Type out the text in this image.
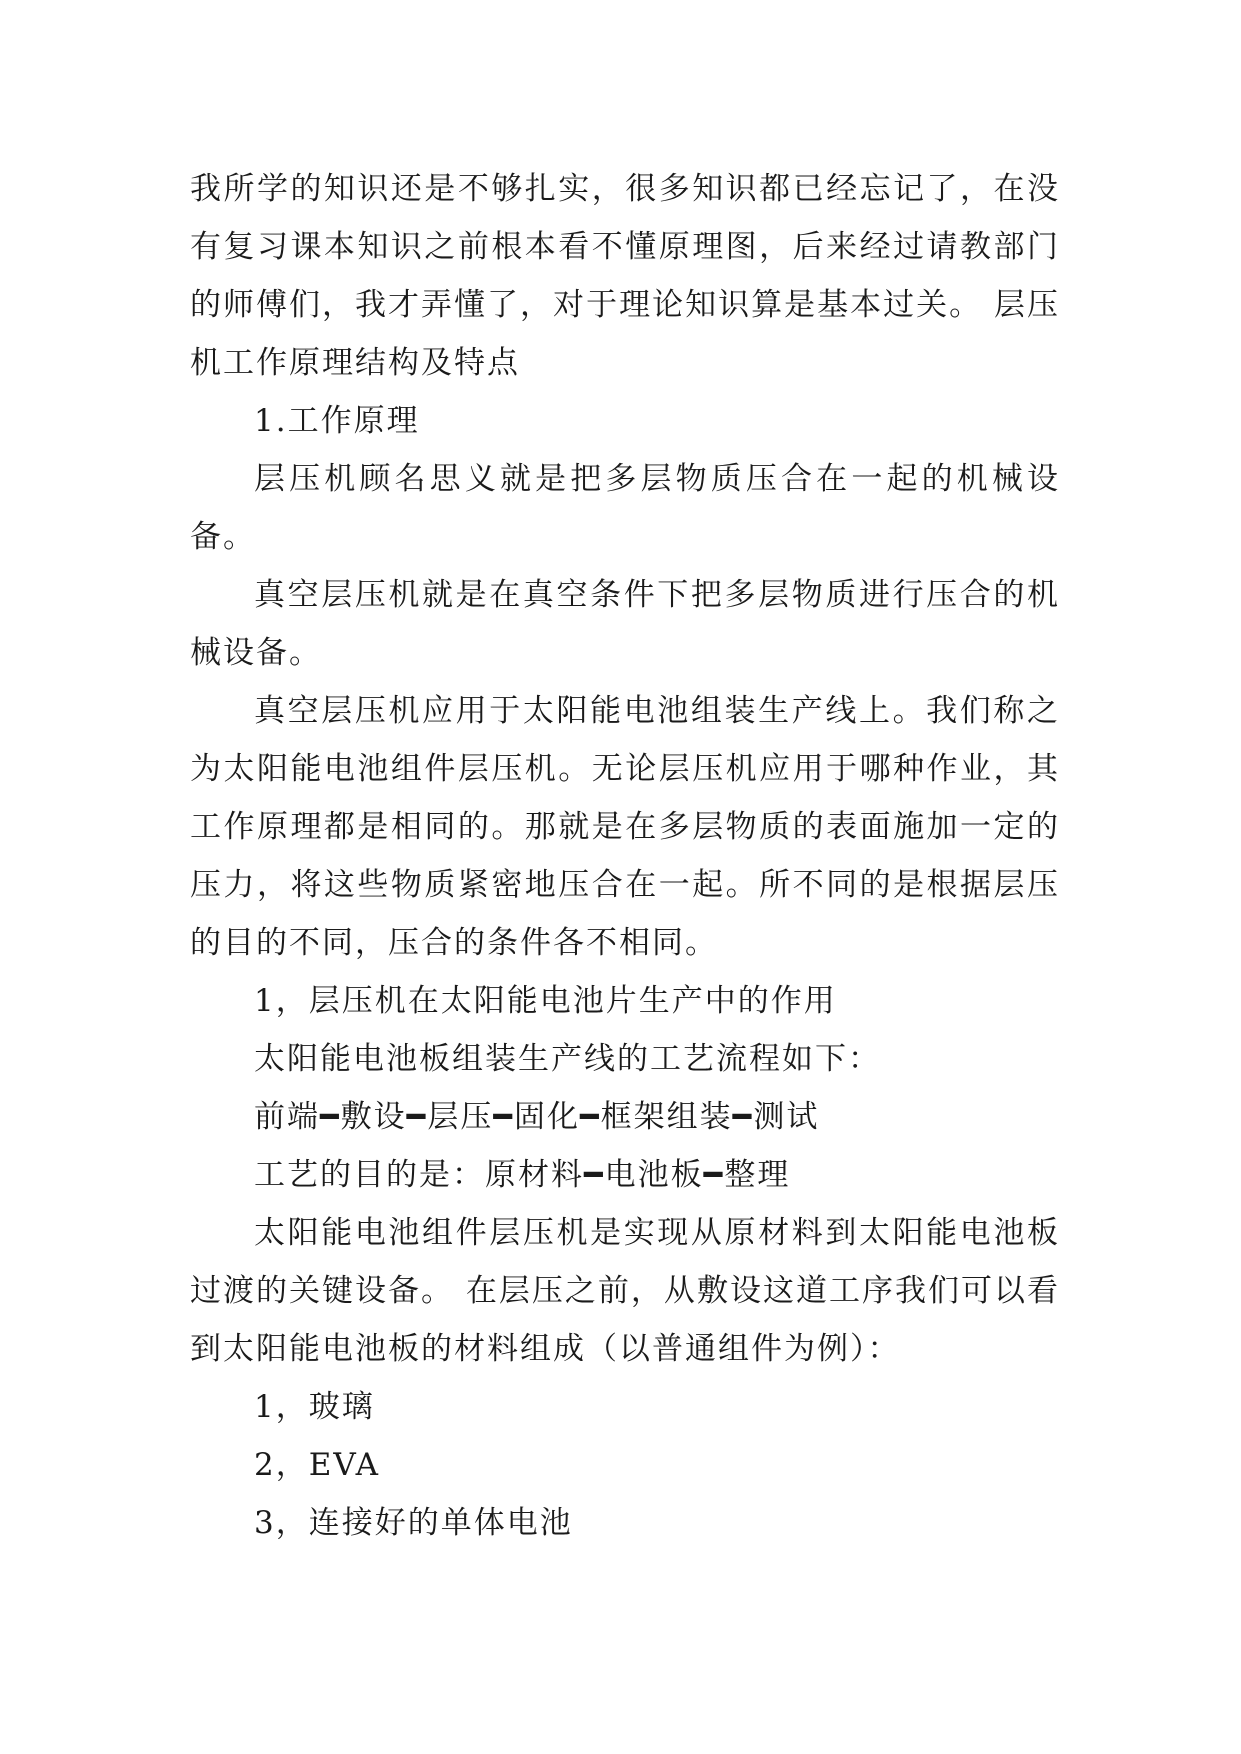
我所学的知识还是不够扎实，很多知识都已经忘记了，在没有复习课本知识之前根本看不懂原理图，后来经过请教部门的师傅们，我才弄懂了，对于理论知识算是基本过关。 层压机工作原理结构及特点

1.工作原理

层压机顾名思义就是把多层物质压合在一起的机械设备。

真空层压机就是在真空条件下把多层物质进行压合的机械设备。

真空层压机应用于太阳能电池组装生产线上。我们称之为太阳能电池组件层压机。无论层压机应用于哪种作业，其工作原理都是相同的。那就是在多层物质的表面施加一定的压力，将这些物质紧密地压合在一起。所不同的是根据层压的目的不同，压合的条件各不相同。

1，层压机在太阳能电池片生产中的作用

太阳能电池板组装生产线的工艺流程如下：

前端━敷设━层压━固化━框架组装━测试

工艺的目的是：原材料━电池板━整理

太阳能电池组件层压机是实现从原材料到太阳能电池板过渡的关键设备。 在层压之前，从敷设这道工序我们可以看到太阳能电池板的材料组成（以普通组件为例）：

1，玻璃

2，EVA

3，连接好的单体电池
